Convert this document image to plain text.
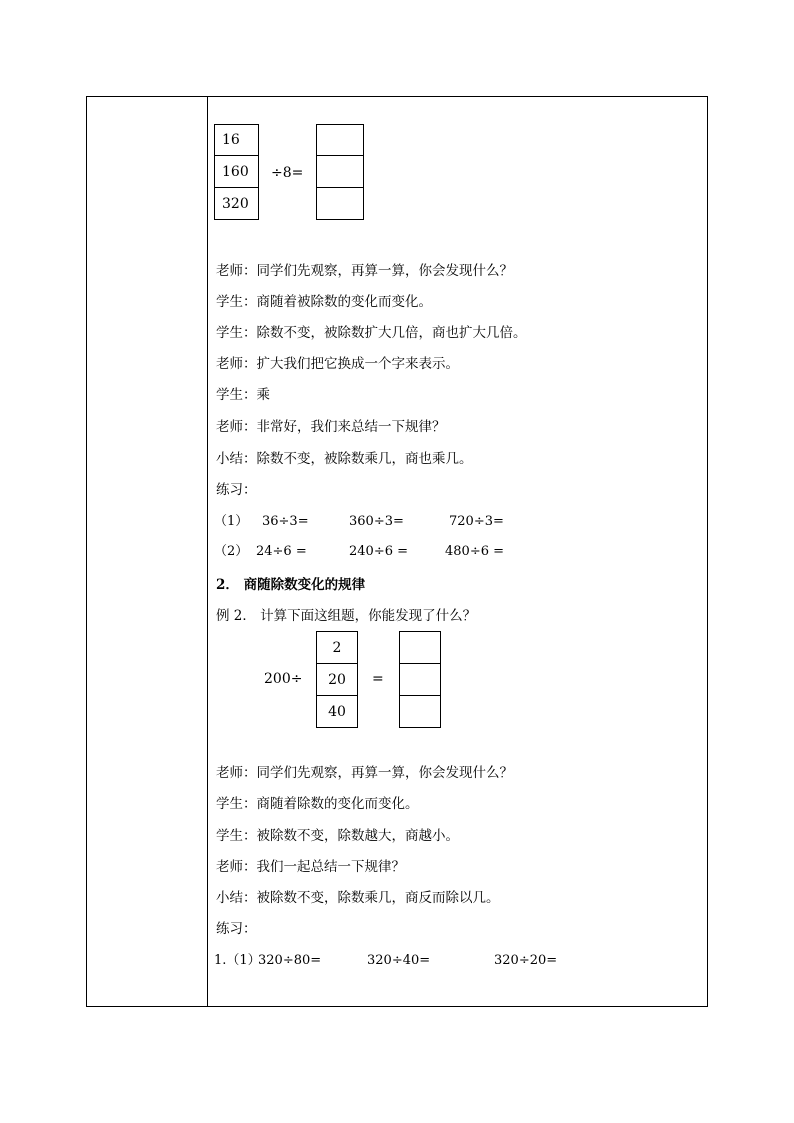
16
160
320
÷8=
老师：同学们先观察，再算一算，你会发现什么？
学生：商随着被除数的变化而变化。
学生：除数不变，被除数扩大几倍，商也扩大几倍。
老师：扩大我们把它换成一个字来表示。
学生：乘
老师：非常好，我们来总结一下规律？
小结：除数不变，被除数乘几，商也乘几。
练习：
（1） 36÷3=	360÷3=	720÷3=
（2） 24÷6 =	240÷6 =	480÷6 =
2． 商随除数变化的规律
例 2． 计算下面这组题，你能发现了什么？
200÷
2
20
40
=
老师：同学们先观察，再算一算，你会发现什么？
学生：商随着除数的变化而变化。
学生：被除数不变，除数越大，商越小。
老师：我们一起总结一下规律？
小结：被除数不变，除数乘几，商反而除以几。
练习：
1.（1）
320÷80=	320÷40=	320÷20=
